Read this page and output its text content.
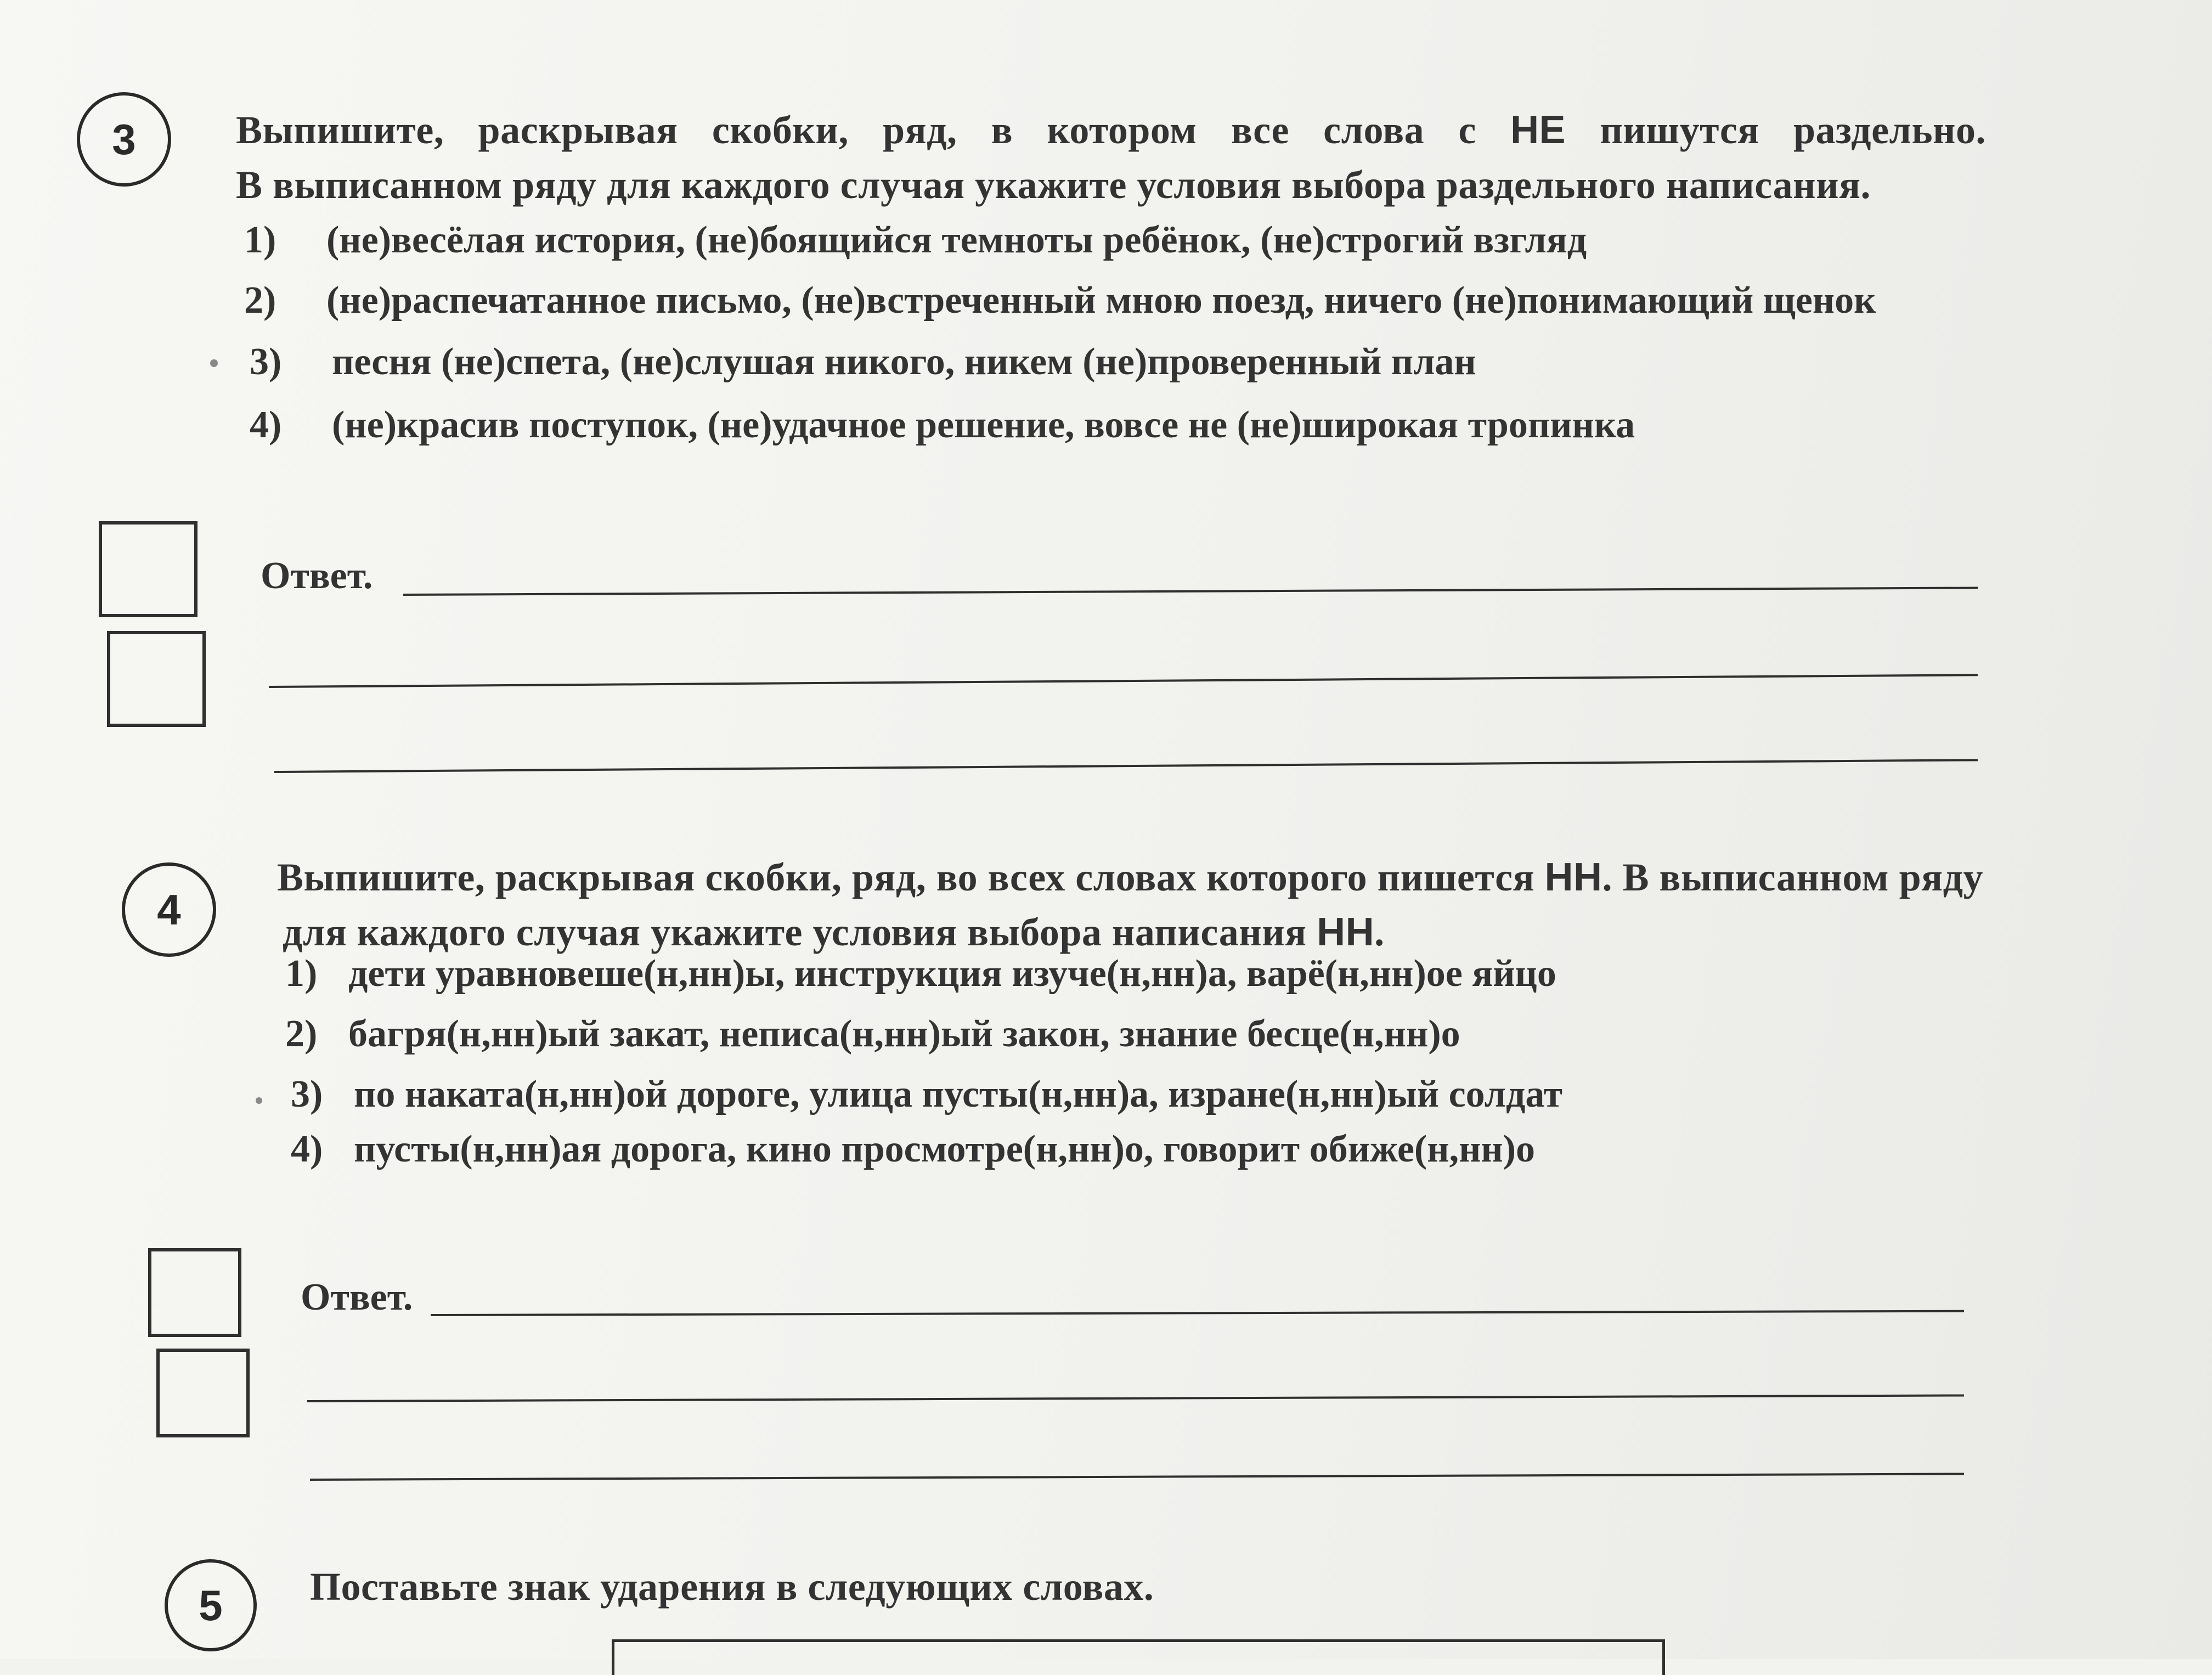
3	Выпишите, раскрывая скобки, ряд, в котором все слова с НЕ пишутся раздельно.
В выписанном ряду для каждого случая укажите условия выбора раздельного написания.
1) (не)весёлая история, (не)боящийся темноты ребёнок, (не)строгий взгляд
2) (не)распечатанное письмо, (не)встреченный мною поезд, ничего (не)понимающий щенок
3) песня (не)спета, (не)слушая никого, никем (не)проверенный план
4) (не)красив поступок, (не)удачное решение, вовсе не (не)широкая тропинка
Ответ.
4
Выпишите, раскрывая скобки, ряд, во всех словах которого пишется НН. В выписанном ряду
для каждого случая укажите условия выбора написания НН.
1) дети уравновеше(н,нн)ы, инструкция изуче(н,нн)а, варё(н,нн)ое яйцо
2) багря(н,нн)ый закат, неписа(н,нн)ый закон, знание бесце(н,нн)о
3) по наката(н,нн)ой дороге, улица пусты(н,нн)а, изране(н,нн)ый солдат
4) пусты(н,нн)ая дорога, кино просмотре(н,нн)о, говорит обиже(н,нн)о
Ответ.
5	Поставьте знак ударения в следующих словах.
